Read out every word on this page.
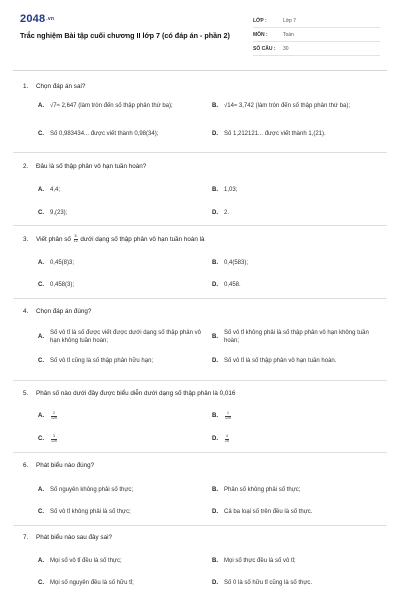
2048.vn
Trắc nghiệm Bài tập cuối chương II lớp 7 (có đáp án - phần 2)
LỚP :	Lớp 7
MÔN :	Toán
SỐ CÂU :	30
1. Chọn đáp án sai?
A. √7≈ 2,647 (làm tròn đến số thập phân thứ ba);	B. √14≈ 3,742 (làm tròn đến số thập phân thứ ba);
C. Số 0,983434... được viết thành 0,98(34);	D. Số 1,212121... được viết thành 1,(21).
2. Đâu là số thập phân vô hạn tuần hoàn?
A. 4,4;	B. 1,03;
C. 9,(23);	D. 2.
3. Viết phân số $\frac{5}{12}$ dưới dạng số thập phân vô hạn tuần hoàn là
A. 0,45(8)3;	B. 0,4(583);
C. 0,458(3);	D. 0,458.
4. Chọn đáp án đúng?
A.
Số vô tỉ là số được viết được dưới dạng số thập phân vô hạn không tuần hoàn;
B.
Số vô tỉ không phải là số thập phân vô hạn không tuần hoàn;
C. Số vô tỉ cũng là số thập phân hữu hạn;	D. Số vô tỉ là số thập phân vô hạn tuần hoàn.
5. Phân số nào dưới đây được biểu diễn dưới dạng số thập phân là 0,016
A. $\frac{2}{125}$	B. $\frac{1}{125}$
C. $\frac{3}{125}$	D. $\frac{4}{25}$
6. Phát biểu nào đúng?
A. Số nguyên không phải số thực;	B. Phân số không phải số thực;
C. Số vô tỉ không phải là số thực;	D. Cả ba loại số trên đều là số thực.
7. Phát biểu nào sau đây sai?
A. Mọi số vô tỉ đều là số thực;	B. Mọi số thực đều là số vô tỉ;
C. Mọi số nguyên đều là số hữu tỉ;	D. Số 0 là số hữu tỉ cũng là số thực.
